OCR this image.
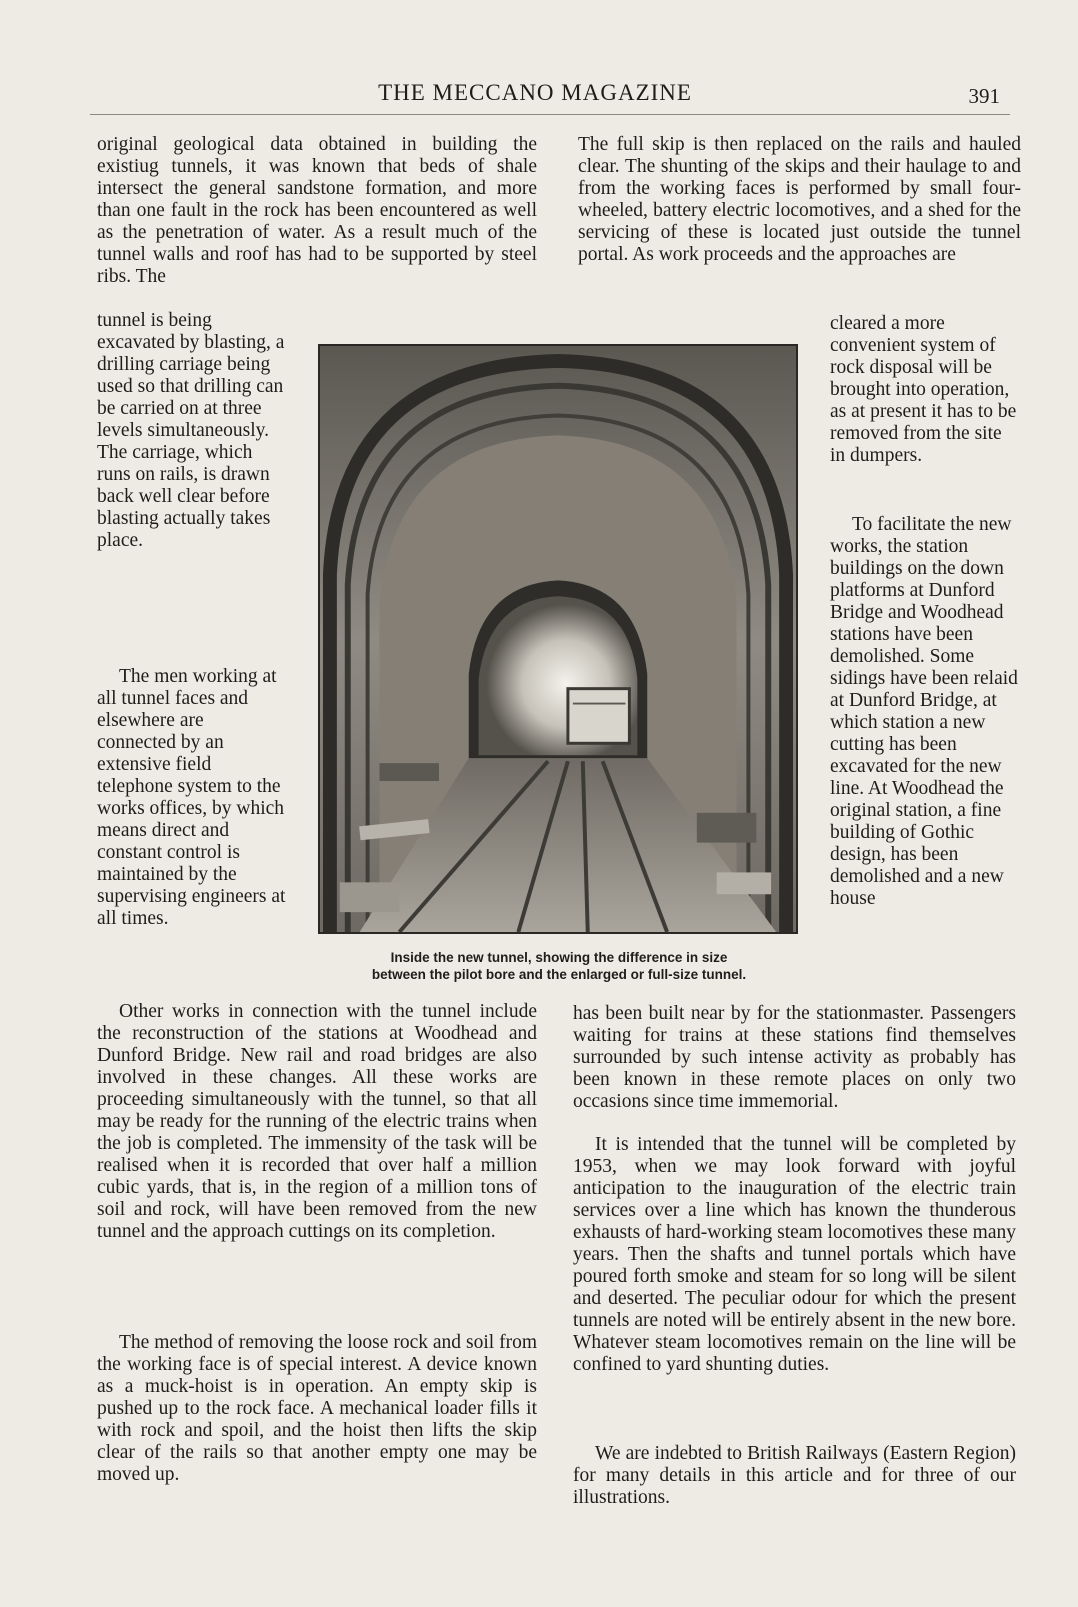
THE MECCANO MAGAZINE	391

original geological data obtained in building the existiug tunnels, it was known that beds of shale intersect the general sandstone formation, and more than one fault in the rock has been encountered as well as the penetration of water. As a result much of the tunnel walls and roof has had to be supported by steel ribs. The

tunnel is being excavated by blasting, a drilling carriage being used so that drilling can be carried on at three levels simultaneously. The carriage, which runs on rails, is drawn back well clear before blasting actually takes place.

The men working at all tunnel faces and elsewhere are connected by an extensive field telephone system to the works offices, by which means direct and constant control is maintained by the supervising engineers at all times.

Other works in connection with the tunnel include the reconstruction of the stations at Woodhead and Dunford Bridge. New rail and road bridges are also involved in these changes. All these works are proceeding simultaneously with the tunnel, so that all may be ready for the running of the electric trains when the job is completed. The immensity of the task will be realised when it is recorded that over half a million cubic yards, that is, in the region of a million tons of soil and rock, will have been removed from the new tunnel and the approach cuttings on its completion.

The method of removing the loose rock and soil from the working face is of special interest. A device known as a muck-hoist is in operation. An empty skip is pushed up to the rock face. A mechanical loader fills it with rock and spoil, and the hoist then lifts the skip clear of the rails so that another empty one may be moved up.

The full skip is then replaced on the rails and hauled clear. The shunting of the skips and their haulage to and from the working faces is performed by small four-wheeled, battery electric locomotives, and a shed for the servicing of these is located just outside the tunnel portal. As work proceeds and the approaches are

cleared a more convenient system of rock disposal will be brought into operation, as at present it has to be removed from the site in dumpers.

To facilitate the new works, the station buildings on the down platforms at Dunford Bridge and Woodhead stations have been demolished. Some sidings have been relaid at Dunford Bridge, at which station a new cutting has been excavated for the new line. At Woodhead the original station, a fine building of Gothic design, has been demolished and a new house

has been built near by for the stationmaster. Passengers waiting for trains at these stations find themselves surrounded by such intense activity as probably has been known in these remote places on only two occasions since time immemorial.

It is intended that the tunnel will be completed by 1953, when we may look forward with joyful anticipation to the inauguration of the electric train services over a line which has known the thunderous exhausts of hard-working steam locomotives these many years. Then the shafts and tunnel portals which have poured forth smoke and steam for so long will be silent and deserted. The peculiar odour for which the present tunnels are noted will be entirely absent in the new bore. Whatever steam locomotives remain on the line will be confined to yard shunting duties.

We are indebted to British Railways (Eastern Region) for many details in this article and for three of our illustrations.

Inside the new tunnel, showing the difference in size
between the pilot bore and the enlarged or full-size tunnel.
